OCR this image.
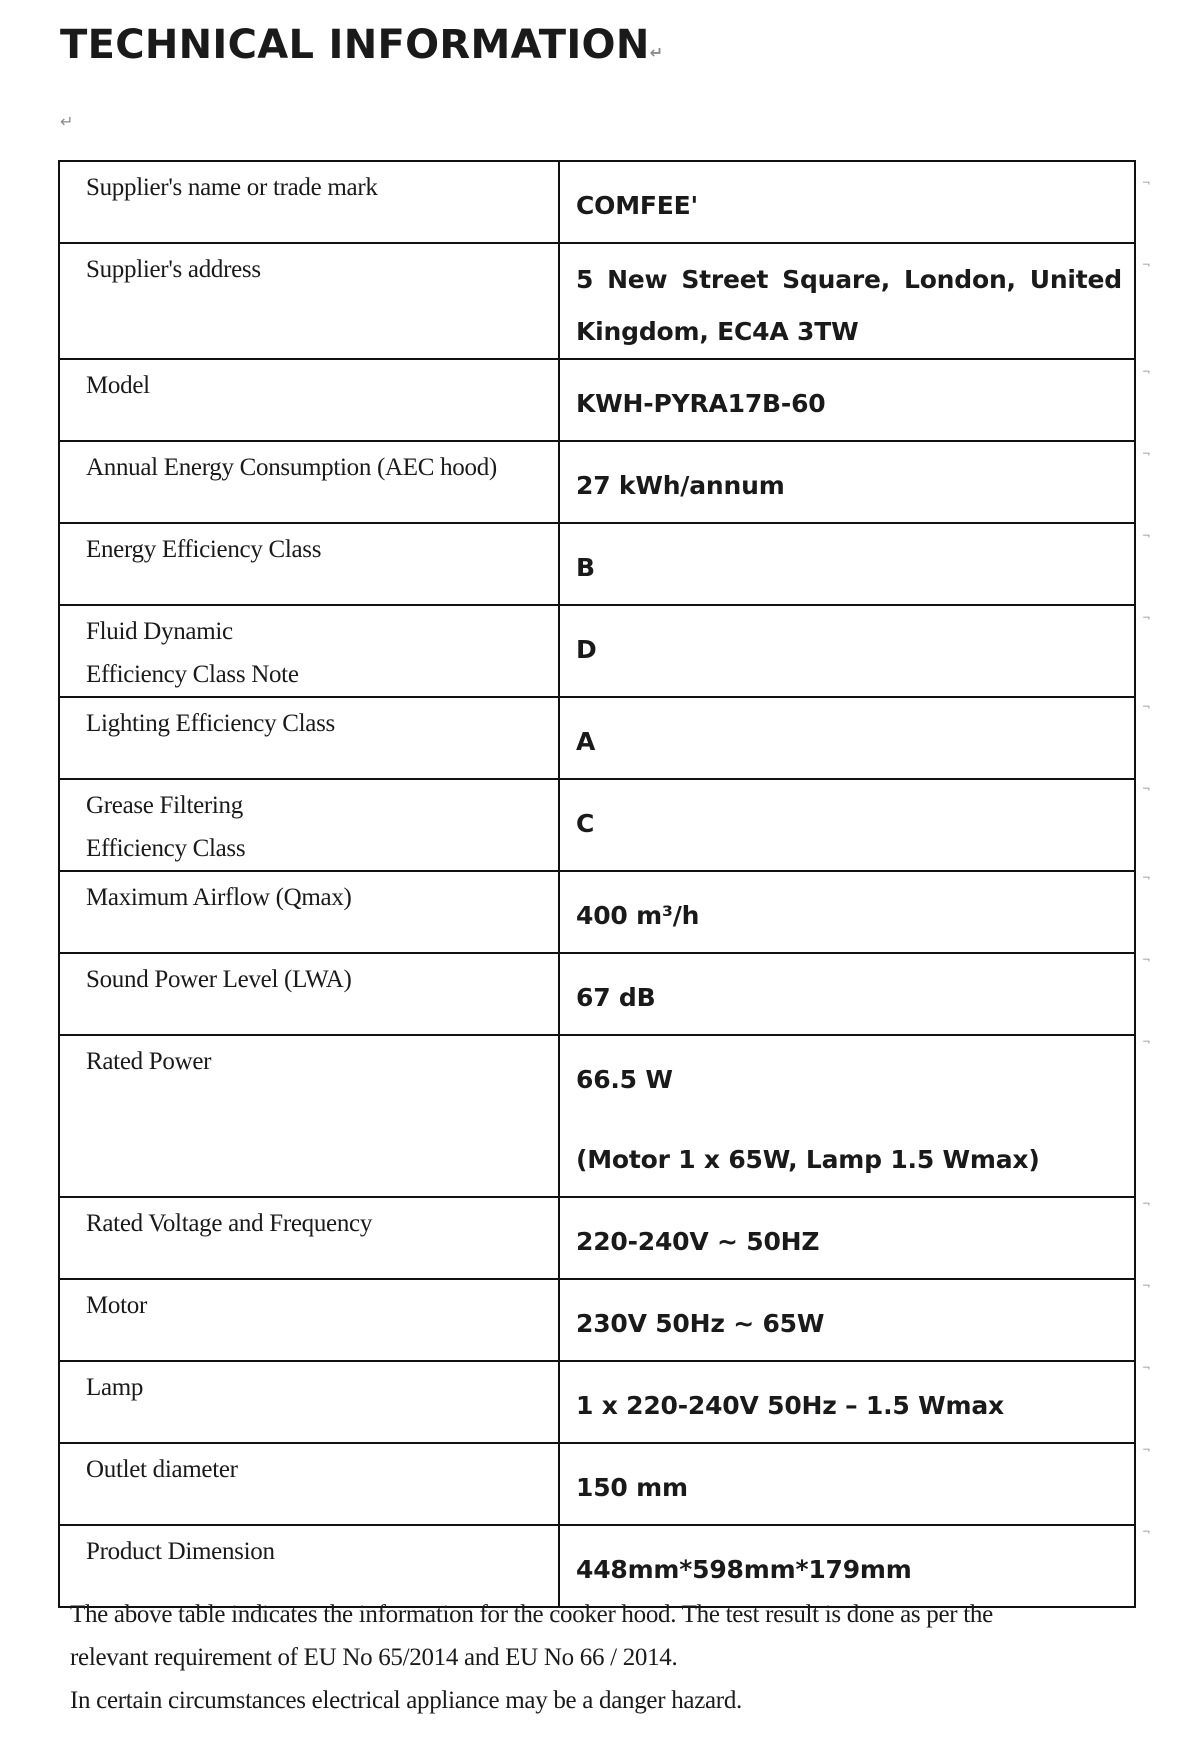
TECHNICAL INFORMATION↵
↵
Supplier's name or trade mark	COMFEE'

Supplier's address	5 New Street Square, London, United Kingdom, EC4A 3TW

Model	KWH-PYRA17B-60

Annual Energy Consumption (AEC hood)	27 kWh/annum

Energy Efficiency Class	B

Fluid Dynamic
Efficiency Class Note	D

Lighting Efficiency Class	A

Grease Filtering
Efficiency Class	C

Maximum Airflow (Qmax)	400 m³/h

Sound Power Level (LWA)	67 dB

Rated Power	66.5 W
(Motor 1 x 65W, Lamp 1.5 Wmax)

Rated Voltage and Frequency	220-240V ~ 50HZ

Motor	230V 50Hz ~ 65W

Lamp	1 x 220-240V 50Hz – 1.5 Wmax

Outlet diameter	150 mm

Product Dimension	448mm*598mm*179mm
¬
¬
¬
¬
¬
¬
¬
¬
¬
¬
¬
¬
¬
¬
¬
¬

The above table indicates the information for the cooker hood. The test result is done as per the

relevant requirement of EU No 65/2014 and EU No 66 / 2014.

In certain circumstances electrical appliance may be a danger hazard.
